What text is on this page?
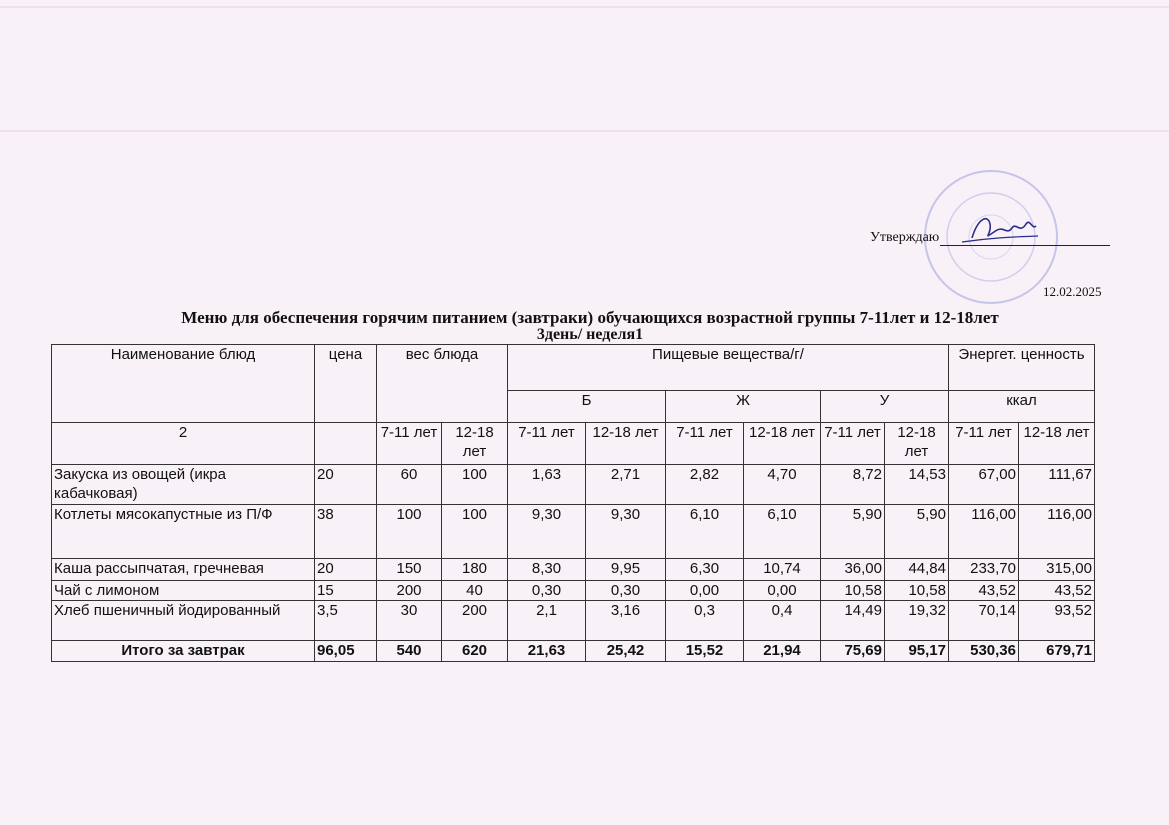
Утверждаю
12.02.2025
Меню для обеспечения горячим питанием (завтраки) обучающихся возрастной группы 7-11лет и 12-18лет
3день/ неделя1
Наименование блюд	цена	вес блюда		Пищевые вещества/г/						Энергет. ценность	
				Б		Ж		У		ккал	
2		7-11 лет	12-18 лет	7-11 лет	12-18 лет	7-11 лет	12-18 лет	7-11 лет	12-18 лет	7-11 лет	12-18 лет
Закуска из овощей (икра кабачковая)	20	60	100	1,63	2,71	2,82	4,70	8,72	14,53	67,00	111,67
Котлеты мясокапустные из П/Ф	38	100	100	9,30	9,30	6,10	6,10	5,90	5,90	116,00	116,00
Каша рассыпчатая, гречневая	20	150	180	8,30	9,95	6,30	10,74	36,00	44,84	233,70	315,00
Чай с лимоном	15	200	40	0,30	0,30	0,00	0,00	10,58	10,58	43,52	43,52
Хлеб пшеничный йодированный	3,5	30	200	2,1	3,16	0,3	0,4	14,49	19,32	70,14	93,52
Итого за завтрак	96,05	540	620	21,63	25,42	15,52	21,94	75,69	95,17	530,36	679,71
